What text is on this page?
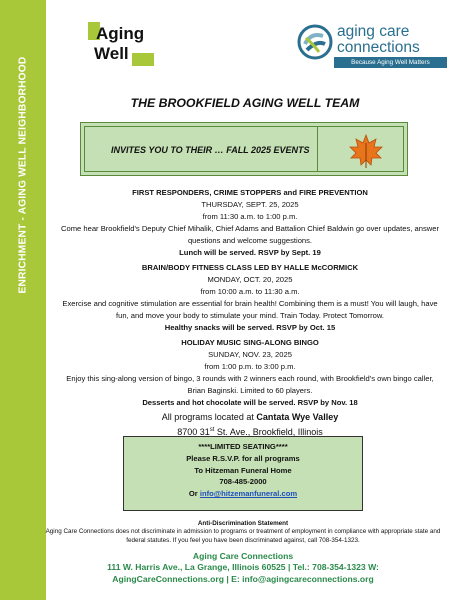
ENRICHMENT - AGING WELL NEIGHBORHOOD
Aging
Well
aging care
connections
Because Aging Well Matters
THE BROOKFIELD AGING WELL TEAM
INVITES YOU TO THEIR … FALL 2025 EVENTS
FIRST RESPONDERS, CRIME STOPPERS and FIRE PREVENTION
THURSDAY, SEPT. 25, 2025
from 11:30 a.m. to 1:00 p.m.
Come hear Brookfield's Deputy Chief Mihalik, Chief Adams and Battalion Chief Baldwin go over updates, answer questions and welcome suggestions.
Lunch will be served. RSVP by Sept. 19
BRAIN/BODY FITNESS CLASS LED BY HALLE McCORMICK
MONDAY, OCT. 20, 2025
from 10:00 a.m. to 11:30 a.m.
Exercise and cognitive stimulation are essential for brain health! Combining them is a must! You will laugh, have fun, and move your body to stimulate your mind. Train Today. Protect Tomorrow.
Healthy snacks will be served. RSVP by Oct. 15
HOLIDAY MUSIC SING-ALONG BINGO
SUNDAY, NOV. 23, 2025
from 1:00 p.m. to 3:00 p.m.
Enjoy this sing-along version of bingo, 3 rounds with 2 winners each round, with Brookfield's own bingo caller, Brian Baginski. Limited to 60 players.
Desserts and hot chocolate will be served. RSVP by Nov. 18
All programs located at Cantata Wye Valley
8700 31st St. Ave., Brookfield, Illinois
****LIMITED SEATING****
Please R.S.V.P. for all programs
To Hitzeman Funeral Home
708-485-2000
Or info@hitzemanfuneral.com
Anti-Discrimination Statement
Aging Care Connections does not discriminate in admission to programs or treatment of employment in compliance with appropriate state and federal statutes. If you feel you have been discriminated against, call 708-354-1323.
Aging Care Connections
111 W. Harris Ave., La Grange, Illinois 60525 | Tel.: 708-354-1323 W:
AgingCareConnections.org | E: info@agingcareconnections.org
